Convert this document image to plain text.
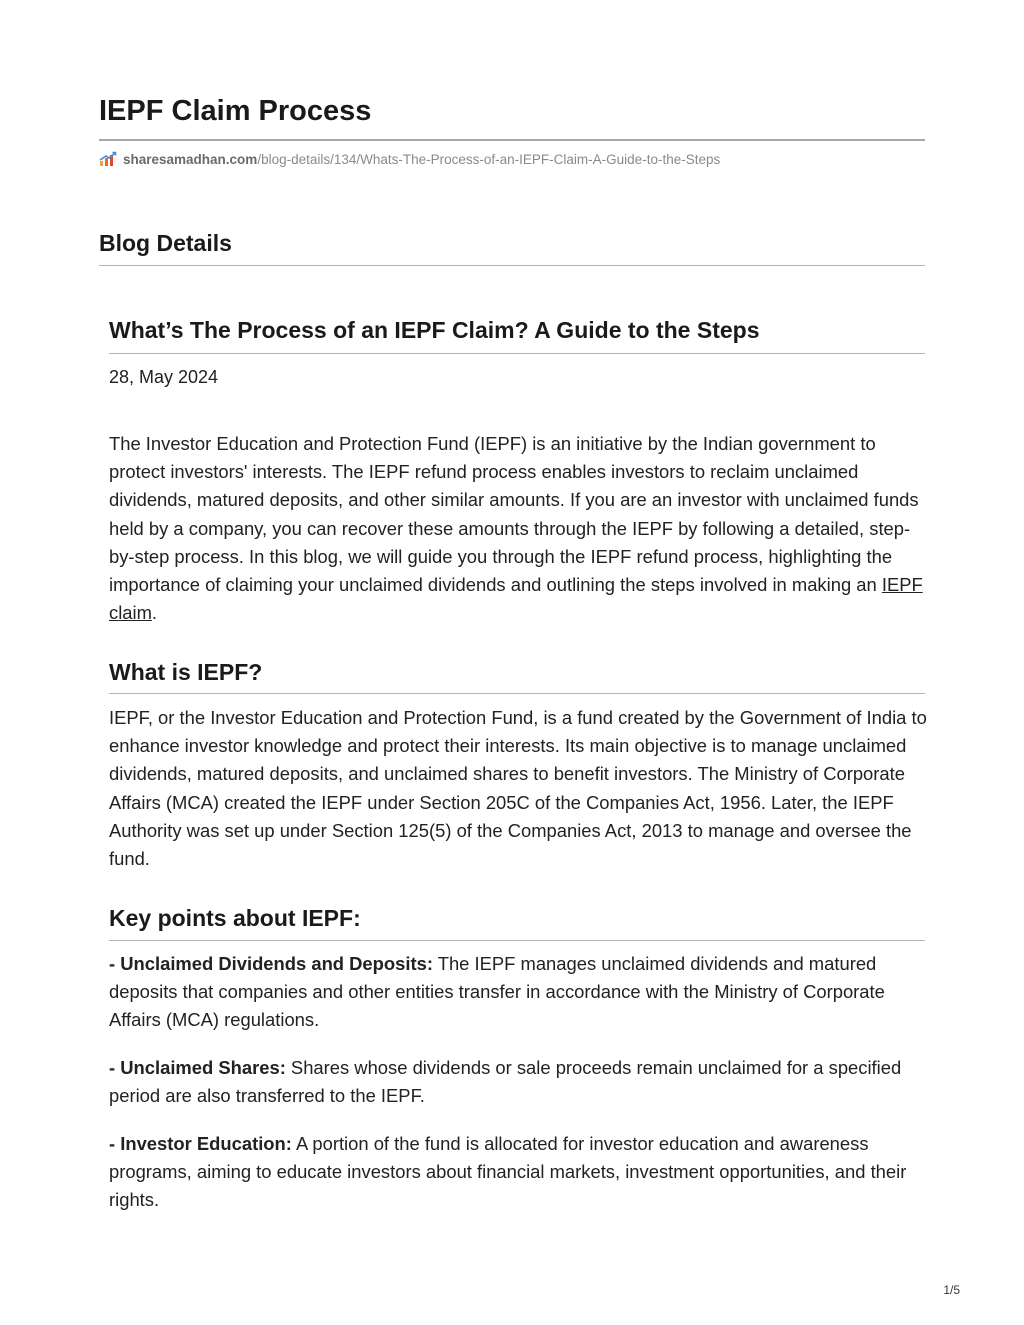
IEPF Claim Process
sharesamadhan.com /blog-details/134/Whats-The-Process-of-an-IEPF-Claim-A-Guide-to-the-Steps
Blog Details
What’s The Process of an IEPF Claim? A Guide to the Steps

28, May 2024

The Investor Education and Protection Fund (IEPF) is an initiative by the Indian government to protect investors' interests. The IEPF refund process enables investors to reclaim unclaimed dividends, matured deposits, and other similar amounts. If you are an investor with unclaimed funds held by a company, you can recover these amounts through the IEPF by following a detailed, step-by-step process. In this blog, we will guide you through the IEPF refund process, highlighting the importance of claiming your unclaimed dividends and outlining the steps involved in making an IEPF claim.

What is IEPF?

IEPF, or the Investor Education and Protection Fund, is a fund created by the Government of India to enhance investor knowledge and protect their interests. Its main objective is to manage unclaimed dividends, matured deposits, and unclaimed shares to benefit investors. The Ministry of Corporate Affairs (MCA) created the IEPF under Section 205C of the Companies Act, 1956. Later, the IEPF Authority was set up under Section 125(5) of the Companies Act, 2013 to manage and oversee the fund.

Key points about IEPF:

- Unclaimed Dividends and Deposits: The IEPF manages unclaimed dividends and matured deposits that companies and other entities transfer in accordance with the Ministry of Corporate Affairs (MCA) regulations.

- Unclaimed Shares: Shares whose dividends or sale proceeds remain unclaimed for a specified period are also transferred to the IEPF.

- Investor Education: A portion of the fund is allocated for investor education and awareness programs, aiming to educate investors about financial markets, investment opportunities, and their rights.

1/5
